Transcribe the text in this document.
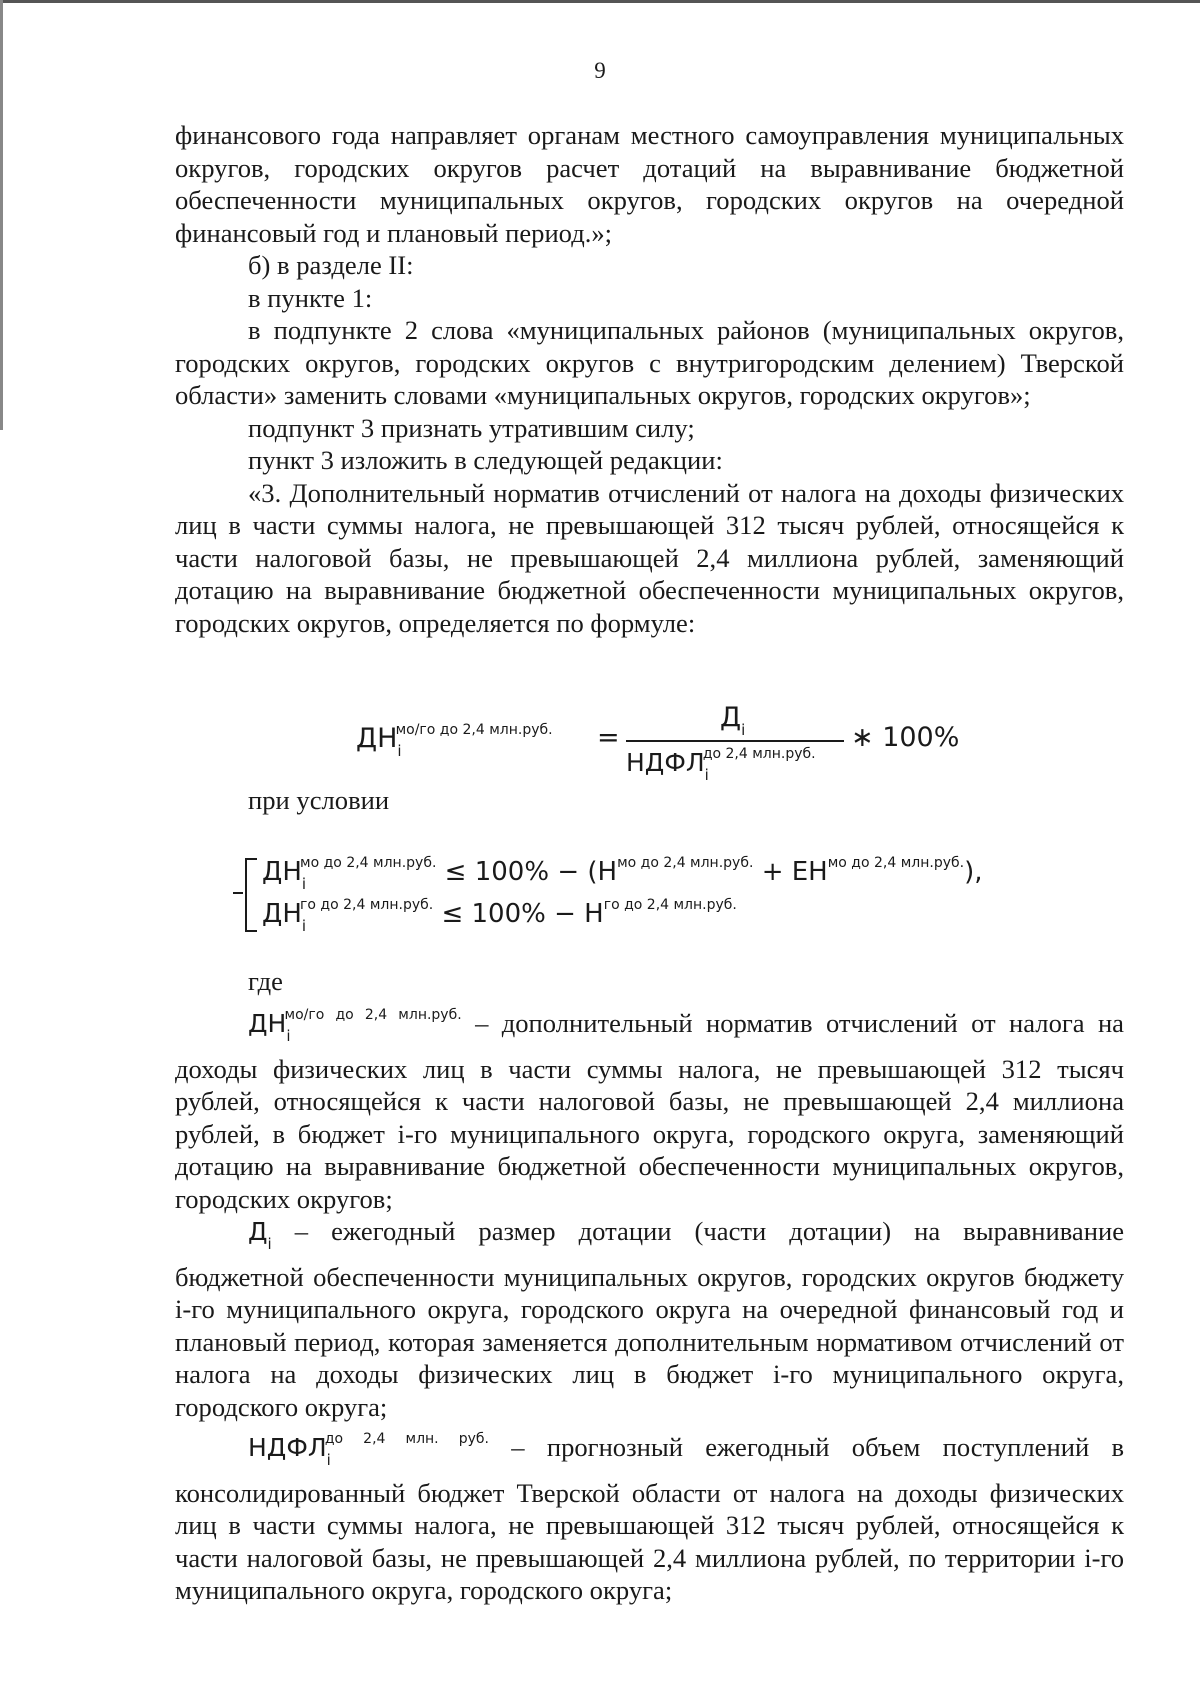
9

финансового года направляет органам местного самоуправления муниципальных округов, городских округов расчет дотаций на выравнивание бюджетной обеспеченности муниципальных округов, городских округов на очередной финансовый год и плановый период.»;

б) в разделе II:

в пункте 1:

в подпункте 2 слова «муниципальных районов (муниципальных округов, городских округов, городских округов с внутригородским делением) Тверской области» заменить словами «муниципальных округов, городских округов»;

подпункт 3 признать утратившим силу;

пункт 3 изложить в следующей редакции:

«3. Дополнительный норматив отчислений от налога на доходы физических лиц в части суммы налога, не превышающей 312 тысяч рублей, относящейся к части налоговой базы, не превышающей 2,4 миллиона рублей, заменяющий дотацию на выравнивание бюджетной обеспеченности муниципальных округов, городских округов, определяется по формуле:

$ДН_i^{мо/го до 2,4 млн.руб.}$ =
$Д_i$
$НДФЛ_i^{до 2,4 млн.руб.}$
∗ 100%
при условии
$ДН_i^{мо до 2,4 млн.руб.} \le 100\% - (Н^{мо до 2,4 млн.руб.} + ЕН^{мо до 2,4 млн.руб.})$,
$ДН_i^{го до 2,4 млн.руб.} \le 100\% - Н^{го до 2,4 млн.руб.}$
где

$ДН_i^{мо/го до 2,4 млн.руб.}$ – дополнительный норматив отчислений от налога на доходы физических лиц в части суммы налога, не превышающей 312 тысяч рублей, относящейся к части налоговой базы, не превышающей 2,4 миллиона рублей, в бюджет i-го муниципального округа, городского округа, заменяющий дотацию на выравнивание бюджетной обеспеченности муниципальных округов, городских округов;

$Д_i$ – ежегодный размер дотации (части дотации) на выравнивание бюджетной обеспеченности муниципальных округов, городских округов бюджету i-го муниципального округа, городского округа на очередной финансовый год и плановый период, которая заменяется дополнительным нормативом отчислений от налога на доходы физических лиц в бюджет i-го муниципального округа, городского округа;

$НДФЛ_i^{до 2,4 млн. руб.}$ – прогнозный ежегодный объем поступлений в консолидированный бюджет Тверской области от налога на доходы физических лиц в части суммы налога, не превышающей 312 тысяч рублей, относящейся к части налоговой базы, не превышающей 2,4 миллиона рублей, по территории i-го муниципального округа, городского округа;
